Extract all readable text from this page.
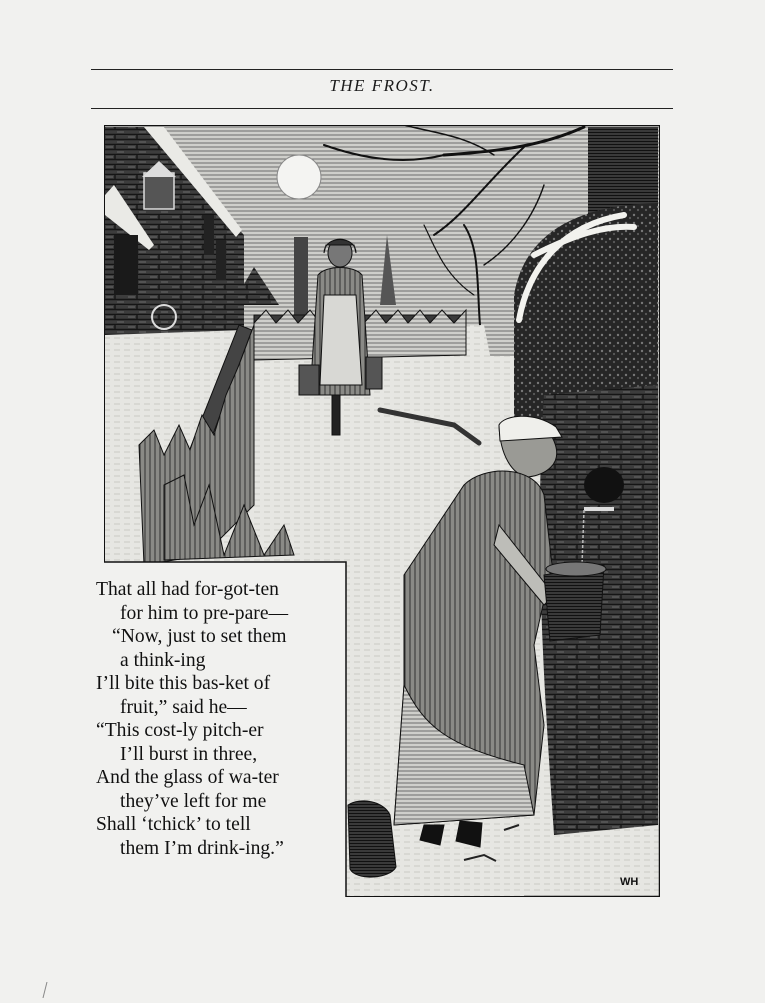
THE FROST.
WH
That all had for-got-ten
for him to pre-pare—
“Now, just to set them
a think-ing
I’ll bite this bas-ket of
fruit,” said he—
“This cost-ly pitch-er
I’ll burst in three,
And the glass of wa-ter
they’ve left for me
Shall ‘tchick’ to tell
them I’m drink-ing.”
